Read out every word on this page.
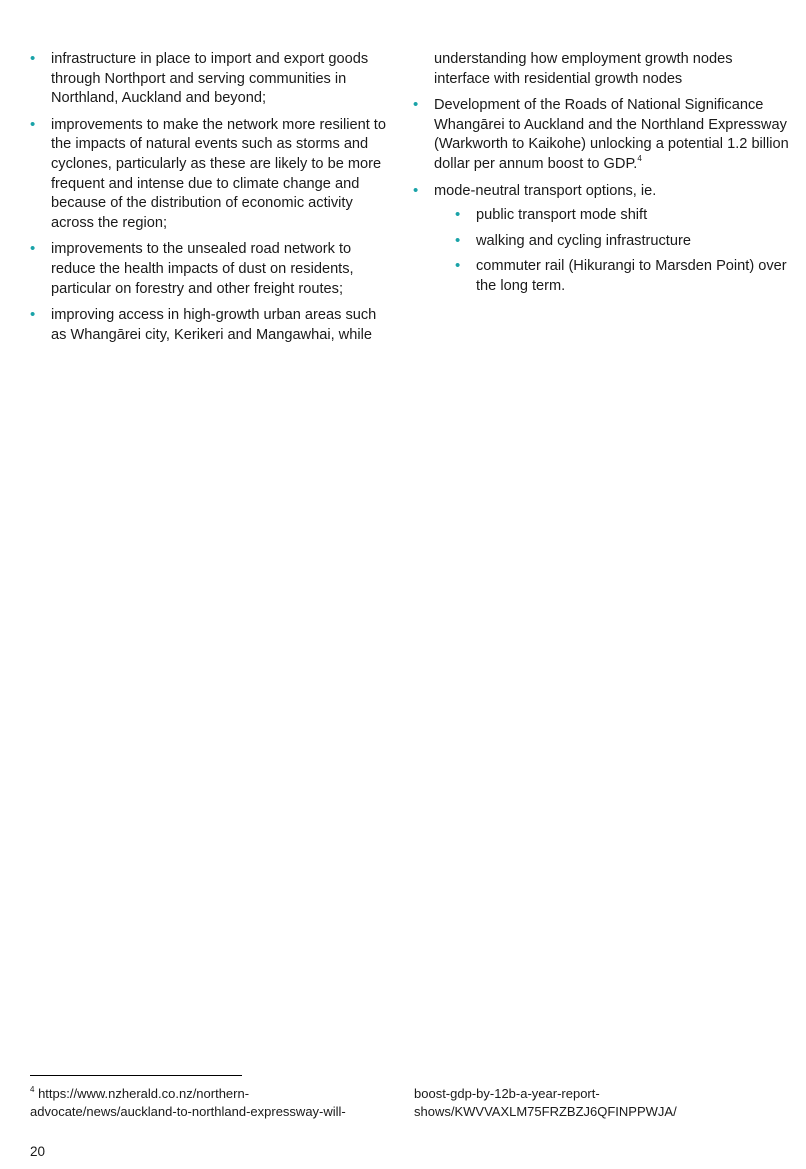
• infrastructure in place to import and export goods through Northport and serving communities in Northland, Auckland and beyond;
• improvements to make the network more resilient to the impacts of natural events such as storms and cyclones, particularly as these are likely to be more frequent and intense due to climate change and because of the distribution of economic activity across the region;
• improvements to the unsealed road network to reduce the health impacts of dust on residents, particular on forestry and other freight routes;
• improving access in high-growth urban areas such as Whangārei city, Kerikeri and Mangawhai, while

understanding how employment growth nodes interface with residential growth nodes

• Development of the Roads of National Significance Whangārei to Auckland and the Northland Expressway (Warkworth to Kaikohe) unlocking a potential 1.2 billion dollar per annum boost to GDP.$^4$
• mode-neutral transport options, ie.
• public transport mode shift
• walking and cycling infrastructure
• commuter rail (Hikurangi to Marsden Point) over the long term.
$^4$ https://www.nzherald.co.nz/northern-advocate/news/auckland-to-northland-expressway-will-
boost-gdp-by-12b-a-year-report-shows/KWVVAXLM75FRZBZJ6QFINPPWJA/
20
